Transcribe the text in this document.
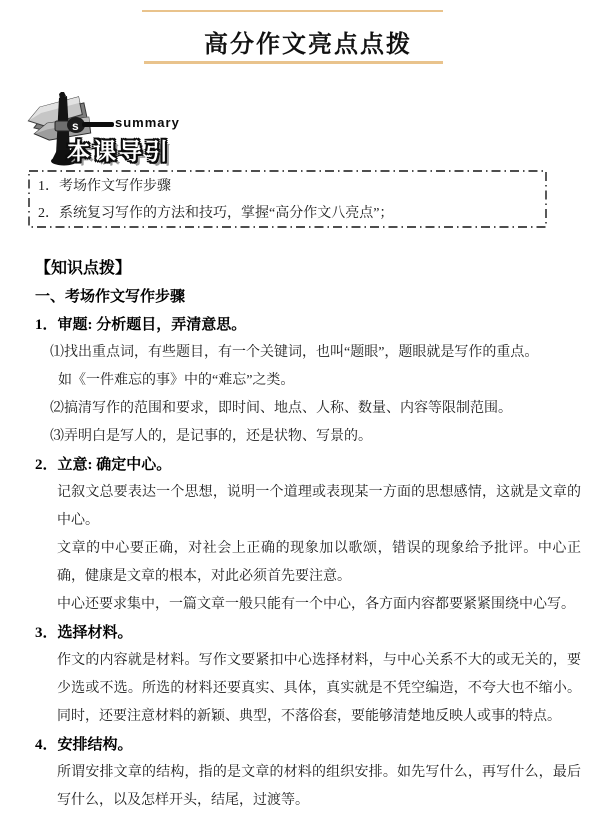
高分作文亮点点拨
s	summary
本课导引
1．考场作文写作步骤
2．系统复习写作的方法和技巧，掌握“高分作文八亮点”；
【知识点拨】
一、考场作文写作步骤
1．审题: 分析题目，弄清意思。
⑴找出重点词，有些题目，有一个关键词，也叫“题眼”，题眼就是写作的重点。
如《一件难忘的事》中的“难忘”之类。
⑵搞清写作的范围和要求，即时间、地点、人称、数量、内容等限制范围。
⑶弄明白是写人的，是记事的，还是状物、写景的。
2．立意: 确定中心。
记叙文总要表达一个思想，说明一个道理或表现某一方面的思想感情，这就是文章的中心。
文章的中心要正确，对社会上正确的现象加以歌颂，错误的现象给予批评。中心正确，健康是文章的根本，对此必须首先要注意。
中心还要求集中，一篇文章一般只能有一个中心，各方面内容都要紧紧围绕中心写。
3．选择材料。
作文的内容就是材料。写作文要紧扣中心选择材料，与中心关系不大的或无关的，要少选或不选。所选的材料还要真实、具体，真实就是不凭空编造，不夸大也不缩小。同时，还要注意材料的新颖、典型，不落俗套，要能够清楚地反映人或事的特点。
4．安排结构。
所谓安排文章的结构，指的是文章的材料的组织安排。如先写什么，再写什么，最后写什么，以及怎样开头，结尾，过渡等。
